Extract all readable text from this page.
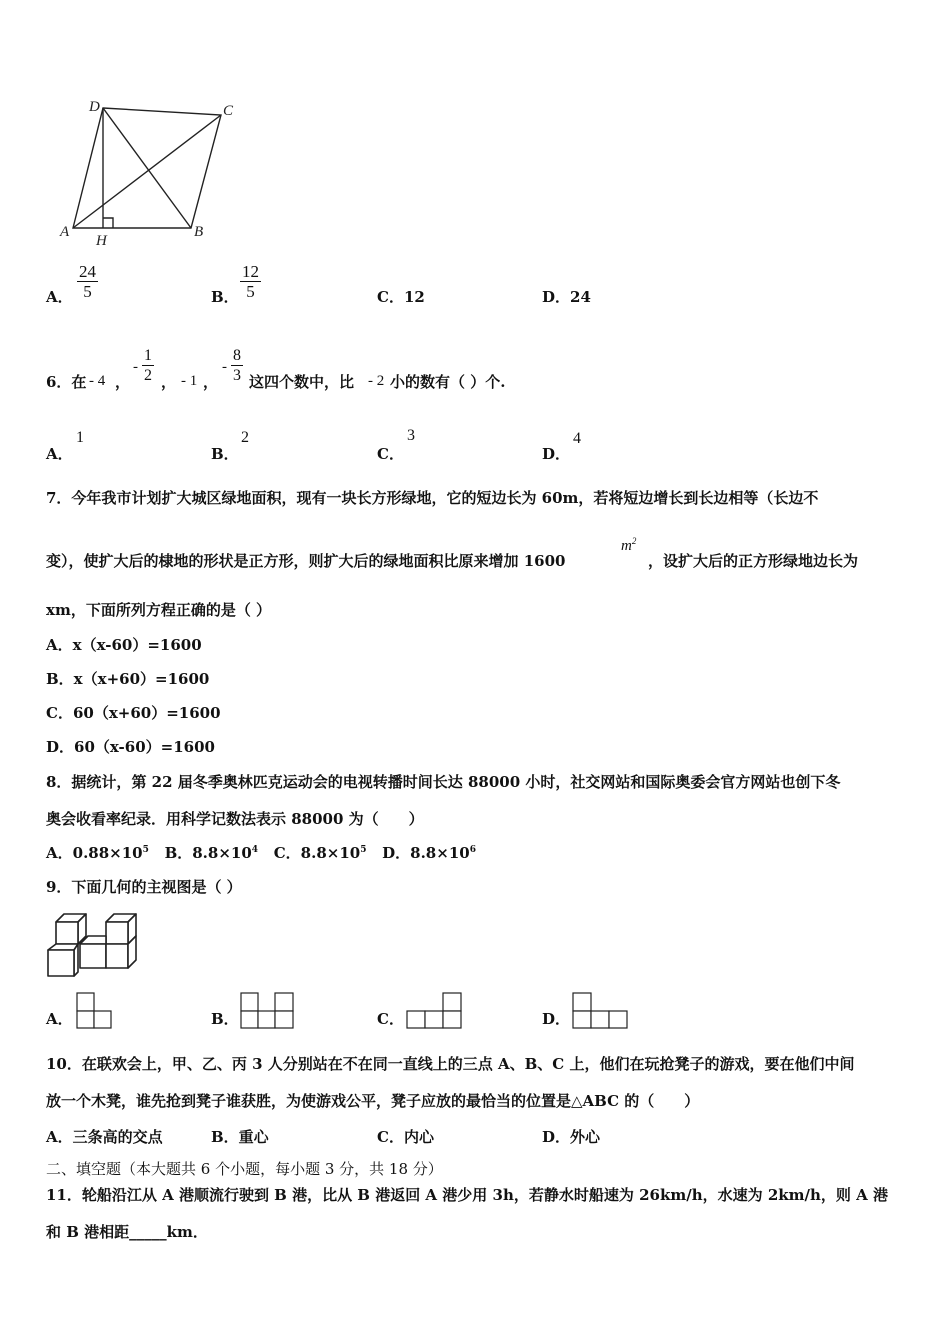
D	C
A
H
B
A． $\frac{24}{5}$	B． $\frac{12}{5}$	C．12	D．24
6．在 - 4 ，
- $\frac{1}{2}$ ， - 1 ，
- $\frac{8}{3}$ 这四个数中，比 - 2 小的数有（ ）个.
A．
1
B．
2
C．
3
D．
4
7．今年我市计划扩大城区绿地面积，现有一块长方形绿地，它的短边长为 60m，若将短边增长到长边相等（长边不
变），使扩大后的棣地的形状是正方形，则扩大后的绿地面积比原来增加 1600
$m^2$
，设扩大后的正方形绿地边长为
xm，下面所列方程正确的是（ ）
A．x（x-60）=1600
B．x（x+60）=1600
C．60（x+60）=1600
D．60（x-60）=1600
8．据统计，第 22 届冬季奥林匹克运动会的电视转播时间长达 88000 小时，社交网站和国际奥委会官方网站也创下冬
奥会收看率纪录．用科学记数法表示 88000 为（　　）
A．$0.88\times 10^5$ B．$8.8\times 10^4$ C．$8.8\times 10^5$ D．$8.8\times 10^6$
9．下面几何的主视图是（ ）
A．	B．	C．	D．
10．在联欢会上，甲、乙、丙 3 人分别站在不在同一直线上的三点 A、B、C 上，他们在玩抢凳子的游戏，要在他们中间
放一个木凳，谁先抢到凳子谁获胜，为使游戏公平，凳子应放的最恰当的位置是△ABC 的（　　）
A．三条高的交点	B．重心	C．内心	D．外心
二、填空题（本大题共 6 个小题，每小题 3 分，共 18 分）
11．轮船沿江从 A 港顺流行驶到 B 港，比从 B 港返回 A 港少用 3h，若静水时船速为 26km/h，水速为 2km/h，则 A 港
和 B 港相距_____km．
